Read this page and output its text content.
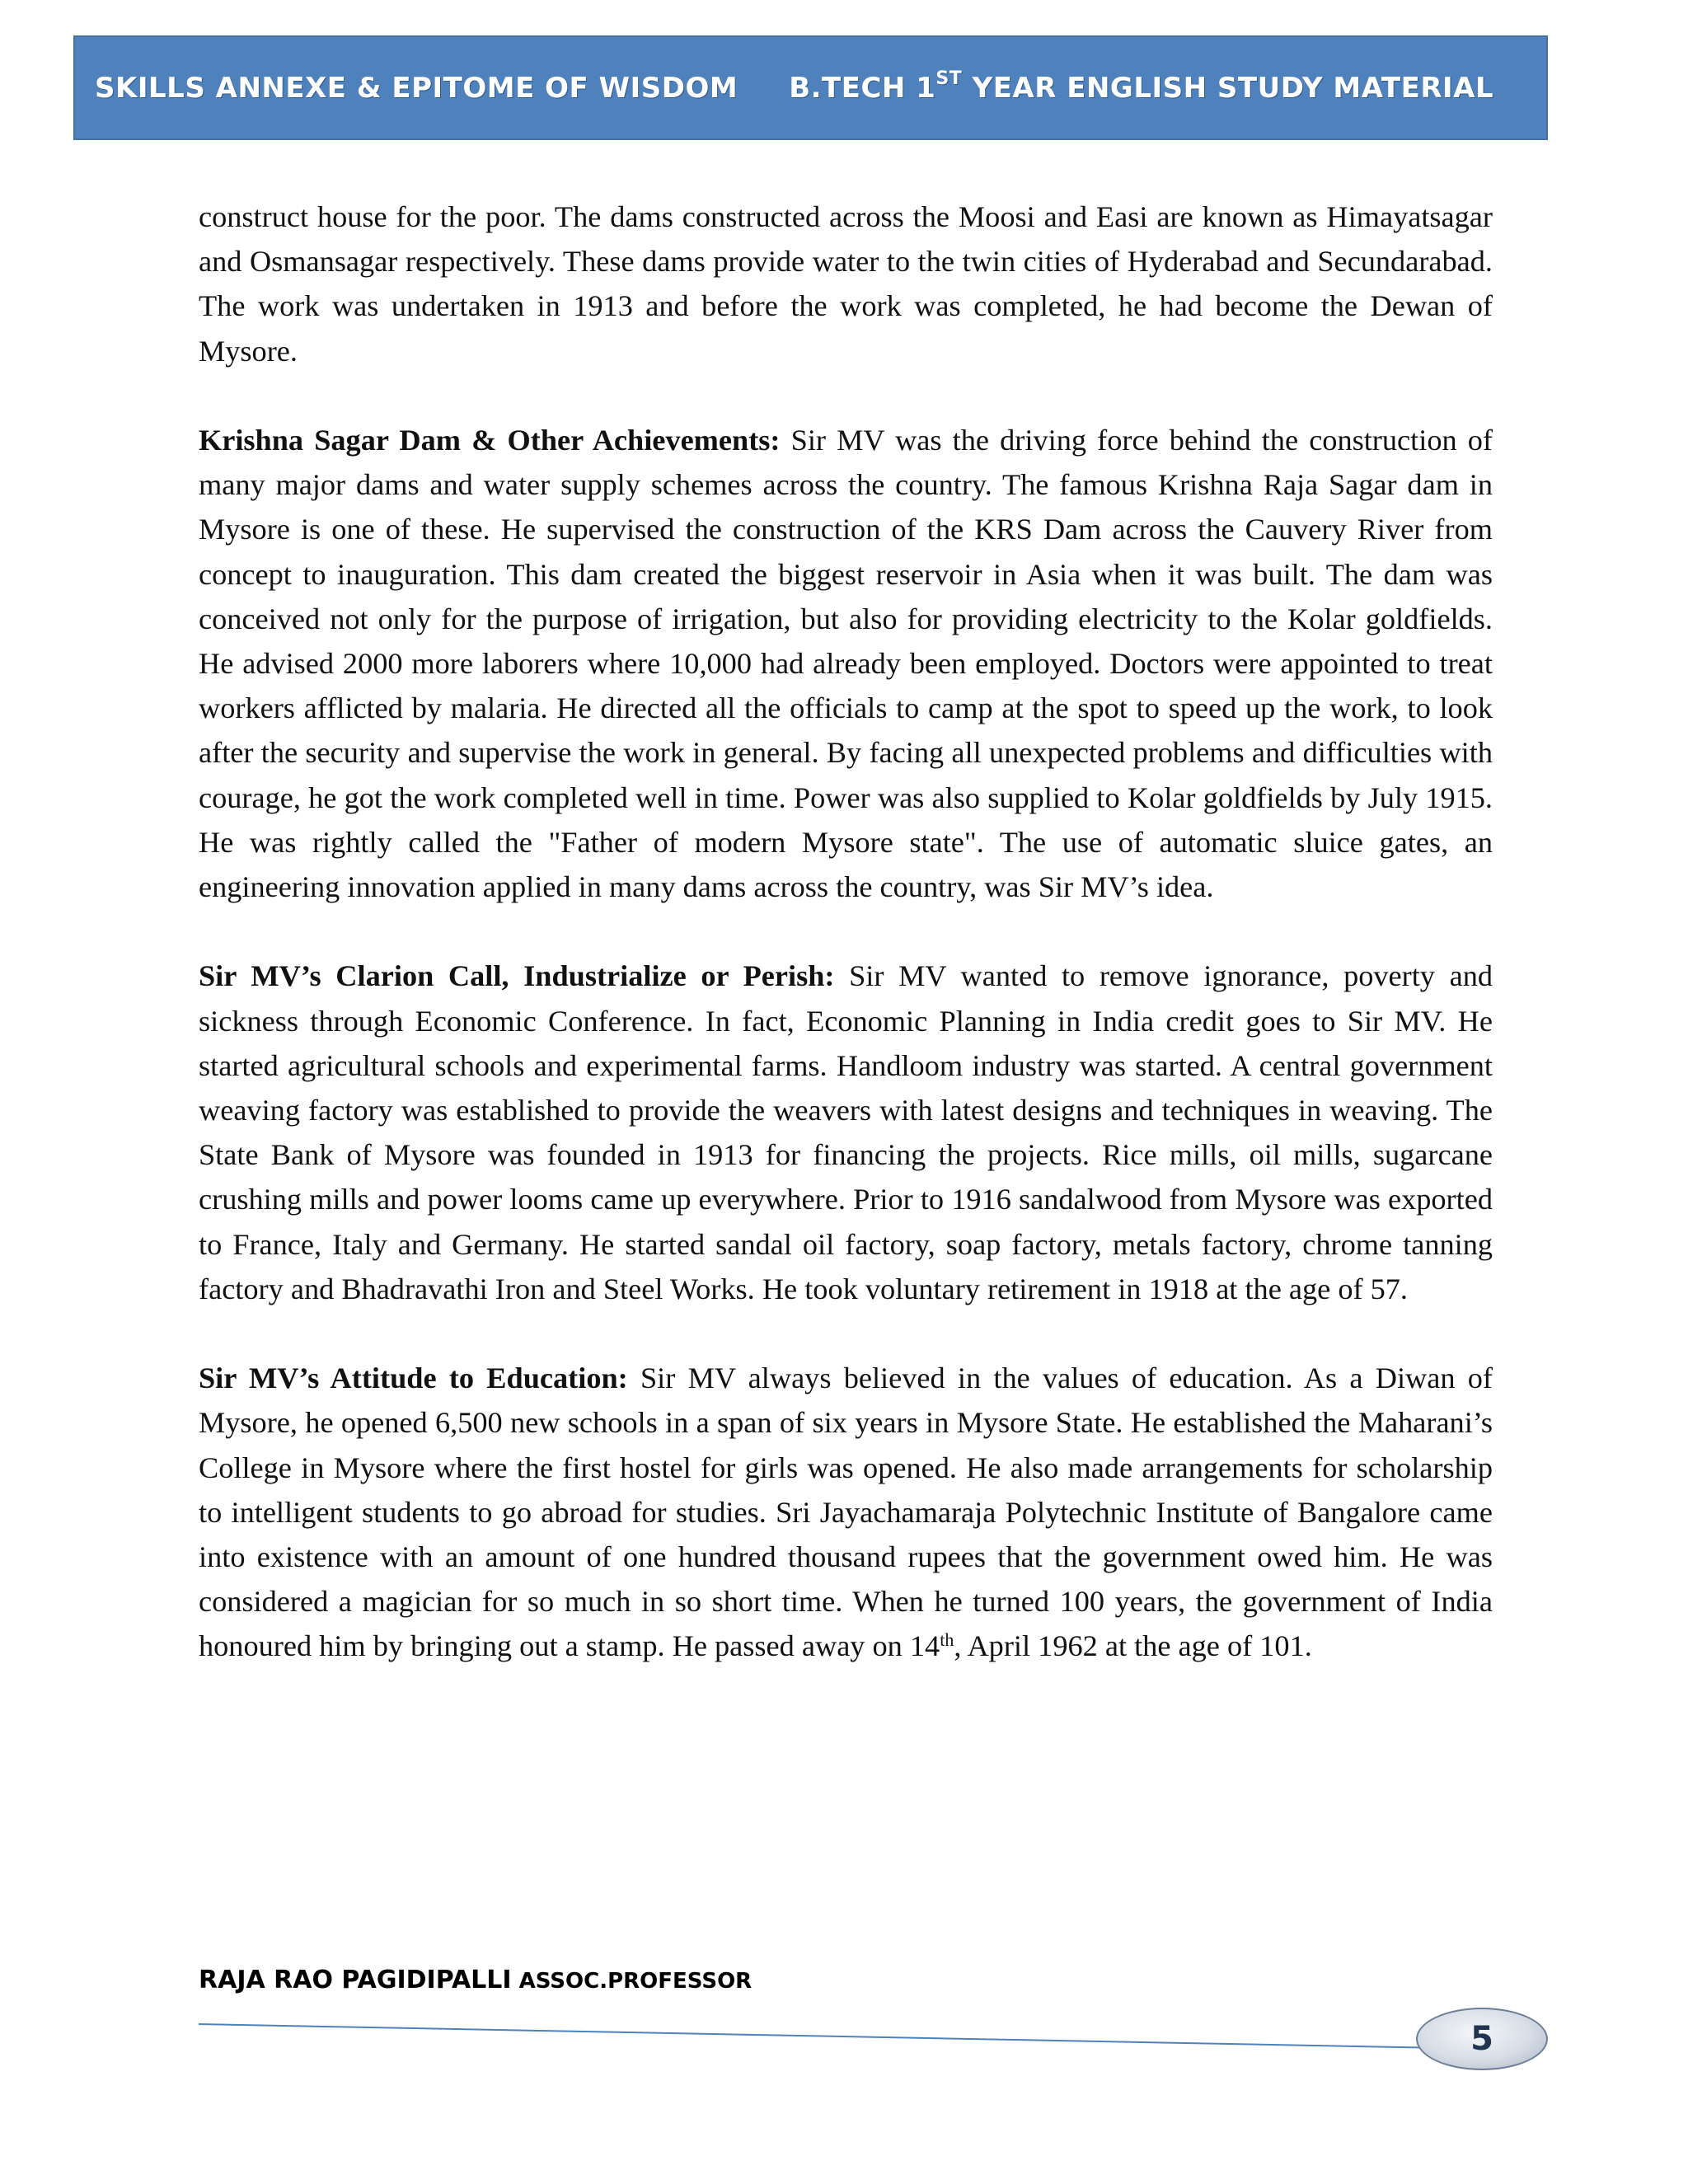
SKILLS ANNEXE & EPITOME OF WISDOM B.TECH 1ST YEAR ENGLISH STUDY MATERIAL

construct house for the poor. The dams constructed across the Moosi and Easi are known as Himayatsagar and Osmansagar respectively. These dams provide water to the twin cities of Hyderabad and Secundarabad. The work was undertaken in 1913 and before the work was completed, he had become the Dewan of Mysore.

Krishna Sagar Dam & Other Achievements: Sir MV was the driving force behind the construction of many major dams and water supply schemes across the country. The famous Krishna Raja Sagar dam in Mysore is one of these. He supervised the construction of the KRS Dam across the Cauvery River from concept to inauguration. This dam created the biggest reservoir in Asia when it was built. The dam was conceived not only for the purpose of irrigation, but also for providing electricity to the Kolar goldfields. He advised 2000 more laborers where 10,000 had already been employed. Doctors were appointed to treat workers afflicted by malaria. He directed all the officials to camp at the spot to speed up the work, to look after the security and supervise the work in general. By facing all unexpected problems and difficulties with courage, he got the work completed well in time. Power was also supplied to Kolar goldfields by July 1915. He was rightly called the "Father of modern Mysore state". The use of automatic sluice gates, an engineering innovation applied in many dams across the country, was Sir MV’s idea.

Sir MV’s Clarion Call, Industrialize or Perish: Sir MV wanted to remove ignorance, poverty and sickness through Economic Conference. In fact, Economic Planning in India credit goes to Sir MV. He started agricultural schools and experimental farms. Handloom industry was started. A central government weaving factory was established to provide the weavers with latest designs and techniques in weaving. The State Bank of Mysore was founded in 1913 for financing the projects. Rice mills, oil mills, sugarcane crushing mills and power looms came up everywhere. Prior to 1916 sandalwood from Mysore was exported to France, Italy and Germany. He started sandal oil factory, soap factory, metals factory, chrome tanning factory and Bhadravathi Iron and Steel Works. He took voluntary retirement in 1918 at the age of 57.

Sir MV’s Attitude to Education: Sir MV always believed in the values of education. As a Diwan of Mysore, he opened 6,500 new schools in a span of six years in Mysore State. He established the Maharani’s College in Mysore where the first hostel for girls was opened. He also made arrangements for scholarship to intelligent students to go abroad for studies. Sri Jayachamaraja Polytechnic Institute of Bangalore came into existence with an amount of one hundred thousand rupees that the government owed him. He was considered a magician for so much in so short time. When he turned 100 years, the government of India honoured him by bringing out a stamp. He passed away on 14th, April 1962 at the age of 101.

RAJA RAO PAGIDIPALLI ASSOC.PROFESSOR
5
